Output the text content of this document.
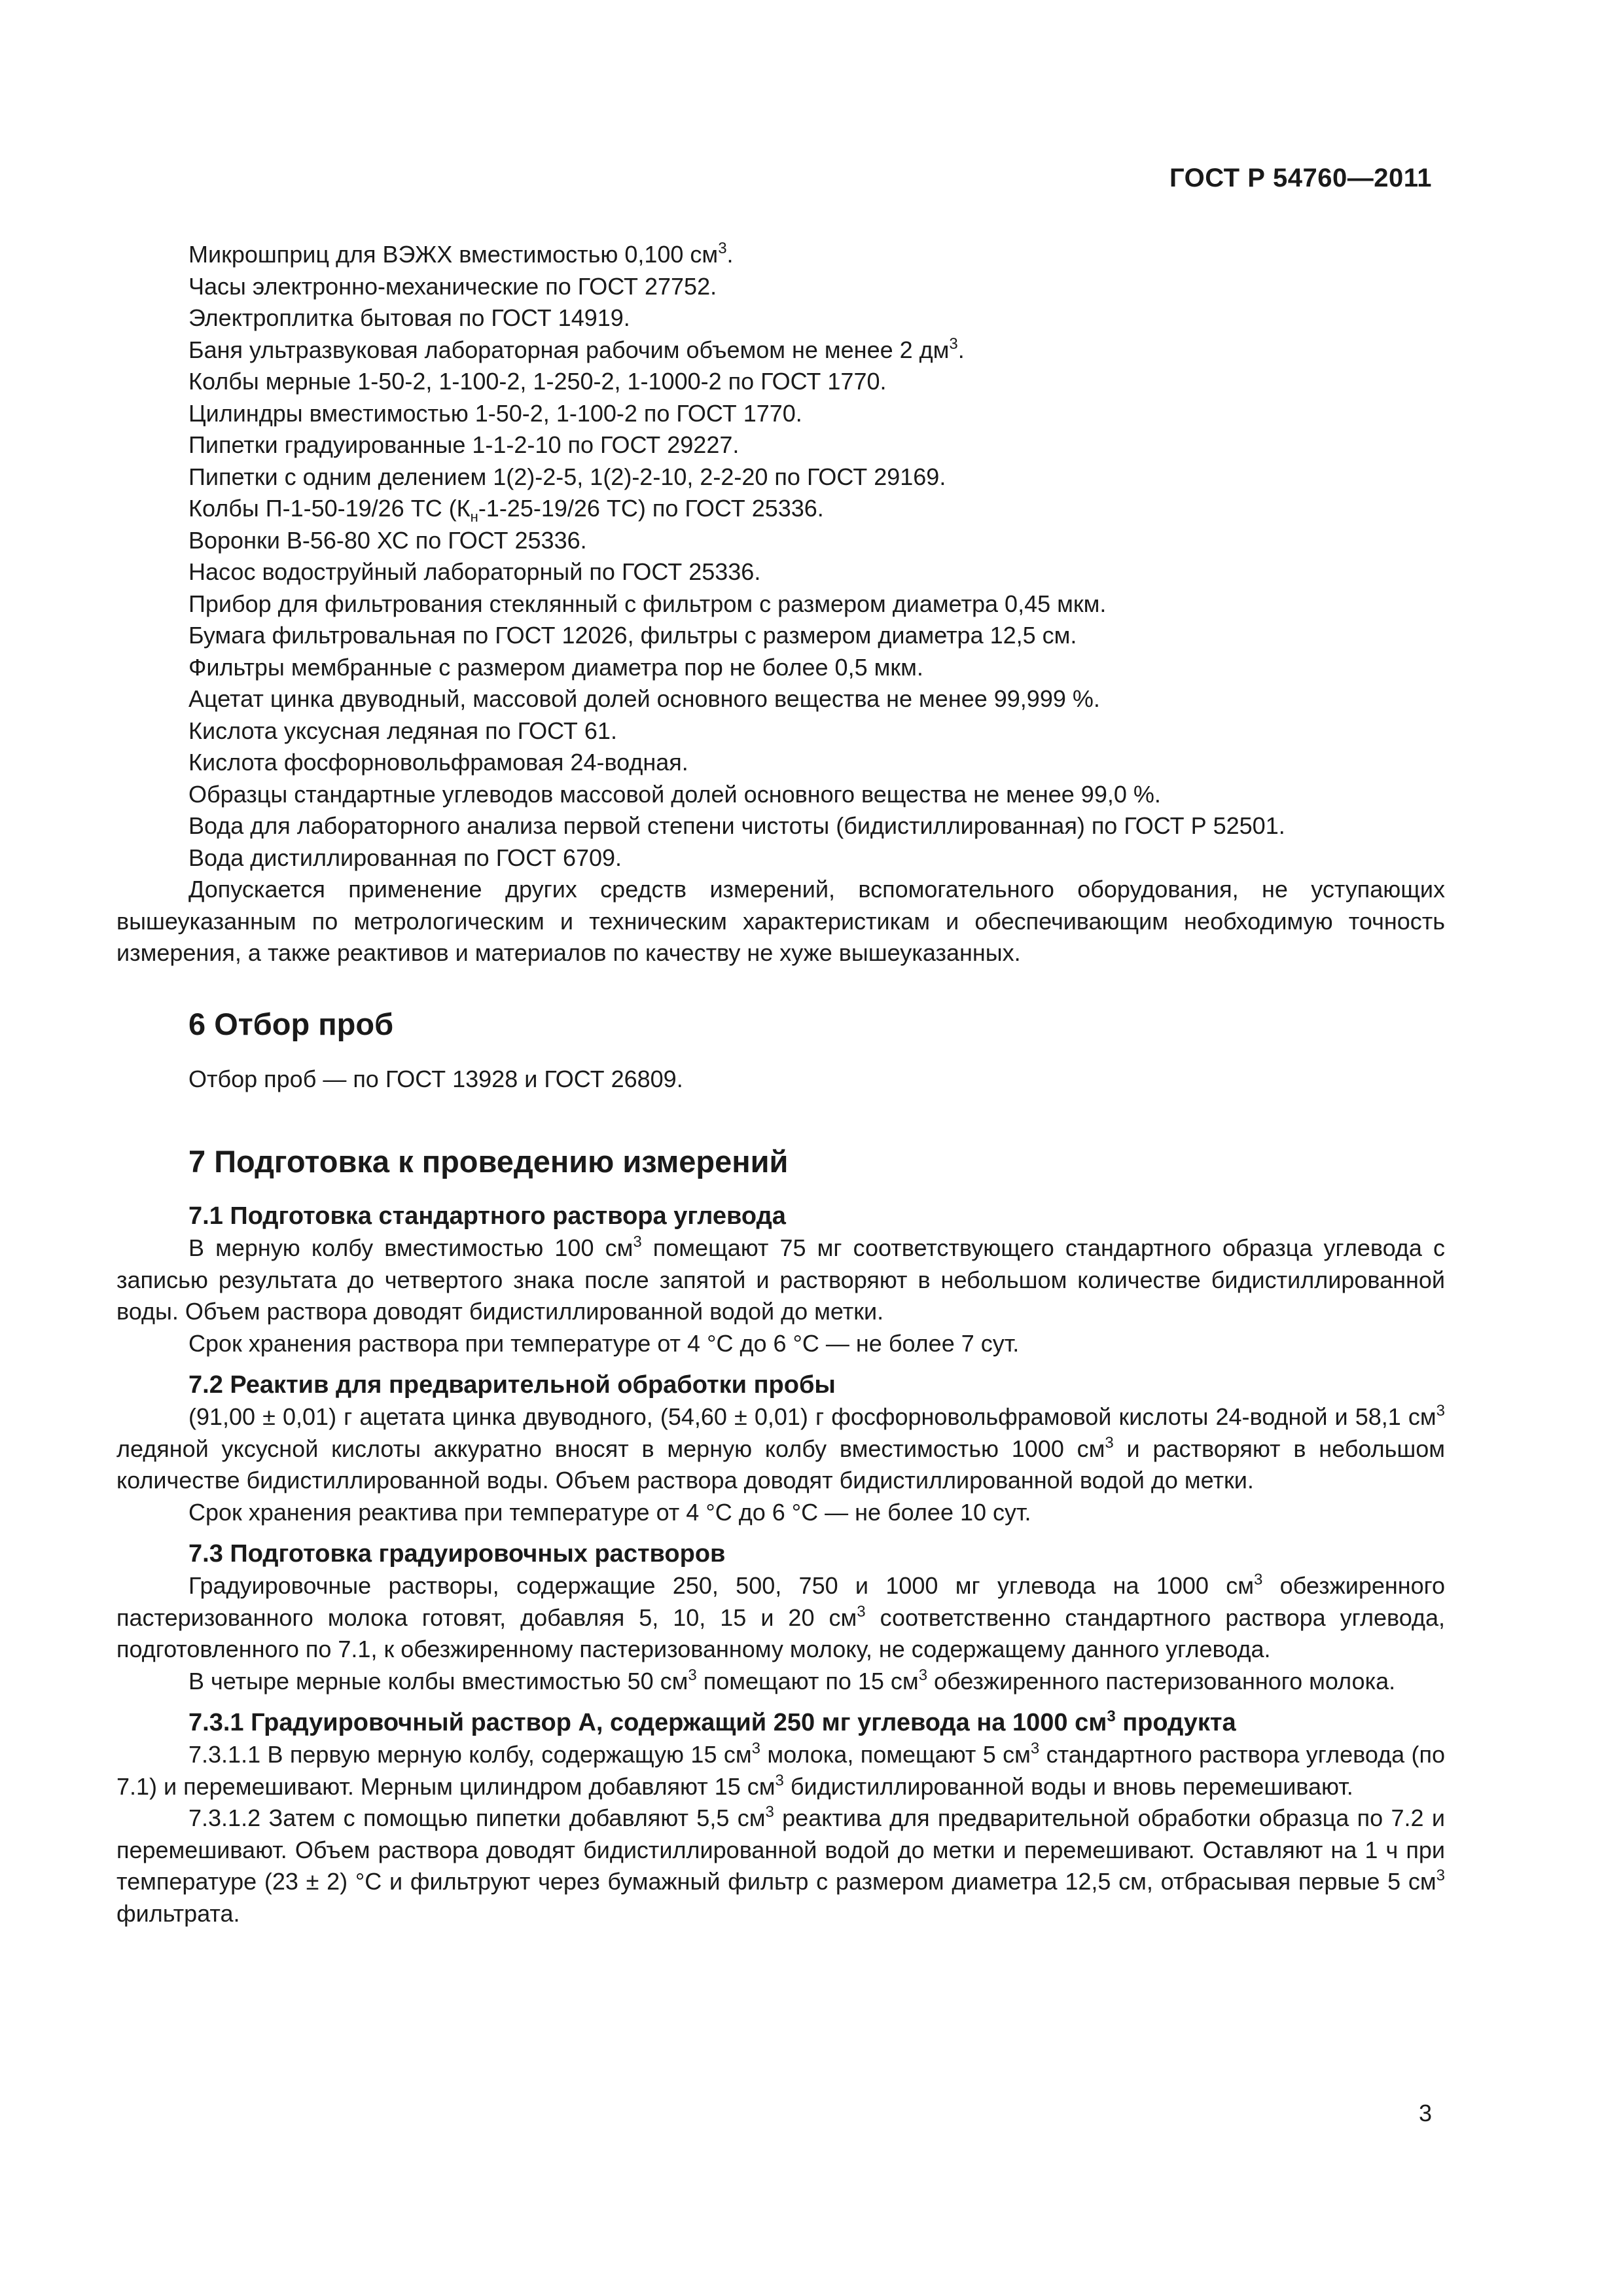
ГОСТ Р 54760—2011

Микрошприц для ВЭЖХ вместимостью 0,100 $см^3$.

Часы электронно-механические по ГОСТ 27752.

Электроплитка бытовая по ГОСТ 14919.

Баня ультразвуковая лабораторная рабочим объемом не менее 2 $дм^3$.

Колбы мерные 1-50-2, 1-100-2, 1-250-2, 1-1000-2 по ГОСТ 1770.

Цилиндры вместимостью 1-50-2, 1-100-2 по ГОСТ 1770.

Пипетки градуированные 1-1-2-10 по ГОСТ 29227.

Пипетки с одним делением 1(2)-2-5, 1(2)-2-10, 2-2-20 по ГОСТ 29169.

Колбы П-1-50-19/26 ТС ($К_н-1-25-19/26$ ТС) по ГОСТ 25336.

Воронки В-56-80 ХС по ГОСТ 25336.

Насос водоструйный лабораторный по ГОСТ 25336.

Прибор для фильтрования стеклянный с фильтром с размером диаметра 0,45 мкм.

Бумага фильтровальная по ГОСТ 12026, фильтры с размером диаметра 12,5 см.

Фильтры мембранные с размером диаметра пор не более 0,5 мкм.

Ацетат цинка двуводный, массовой долей основного вещества не менее 99,999 %.

Кислота уксусная ледяная по ГОСТ 61.

Кислота фосфорновольфрамовая 24-водная.

Образцы стандартные углеводов массовой долей основного вещества не менее 99,0 %.

Вода для лабораторного анализа первой степени чистоты (бидистиллированная) по ГОСТ Р 52501.

Вода дистиллированная по ГОСТ 6709.

Допускается применение других средств измерений, вспомогательного оборудования, не уступающих вышеуказанным по метрологическим и техническим характеристикам и обеспечивающим необходимую точность измерения, а также реактивов и материалов по качеству не хуже вышеуказанных.

6 Отбор проб

Отбор проб — по ГОСТ 13928 и ГОСТ 26809.

7 Подготовка к проведению измерений
7.1 Подготовка стандартного раствора углевода

В мерную колбу вместимостью 100 $см^3$ помещают 75 мг соответствующего стандартного образца углевода с записью результата до четвертого знака после запятой и растворяют в небольшом количестве бидистиллированной воды. Объем раствора доводят бидистиллированной водой до метки.

Срок хранения раствора при температуре от 4 °С до 6 °С — не более 7 сут.

7.2 Реактив для предварительной обработки пробы

(91,00 ± 0,01) г ацетата цинка двуводного, (54,60 ± 0,01) г фосфорновольфрамовой кислоты 24-водной и 58,1 $см^3$ ледяной уксусной кислоты аккуратно вносят в мерную колбу вместимостью 1000 $см^3$ и растворяют в небольшом количестве бидистиллированной воды. Объем раствора доводят бидистиллированной водой до метки.

Срок хранения реактива при температуре от 4 °С до 6 °С — не более 10 сут.

7.3 Подготовка градуировочных растворов

Градуировочные растворы, содержащие 250, 500, 750 и 1000 мг углевода на 1000 $см^3$ обезжиренного пастеризованного молока готовят, добавляя 5, 10, 15 и 20 $см^3$ соответственно стандартного раствора углевода, подготовленного по 7.1, к обезжиренному пастеризованному молоку, не содержащему данного углевода.

В четыре мерные колбы вместимостью 50 $см^3$ помещают по 15 $см^3$ обезжиренного пастеризованного молока.

7.3.1 Градуировочный раствор А, содержащий 250 мг углевода на 1000 $см^3$ продукта

7.3.1.1 В первую мерную колбу, содержащую 15 $см^3$ молока, помещают 5 $см^3$ стандартного раствора углевода (по 7.1) и перемешивают. Мерным цилиндром добавляют 15 $см^3$ бидистиллированной воды и вновь перемешивают.

7.3.1.2 Затем с помощью пипетки добавляют 5,5 $см^3$ реактива для предварительной обработки образца по 7.2 и перемешивают. Объем раствора доводят бидистиллированной водой до метки и перемешивают. Оставляют на 1 ч при температуре (23 ± 2) °С и фильтруют через бумажный фильтр с размером диаметра 12,5 см, отбрасывая первые 5 $см^3$ фильтрата.

3
